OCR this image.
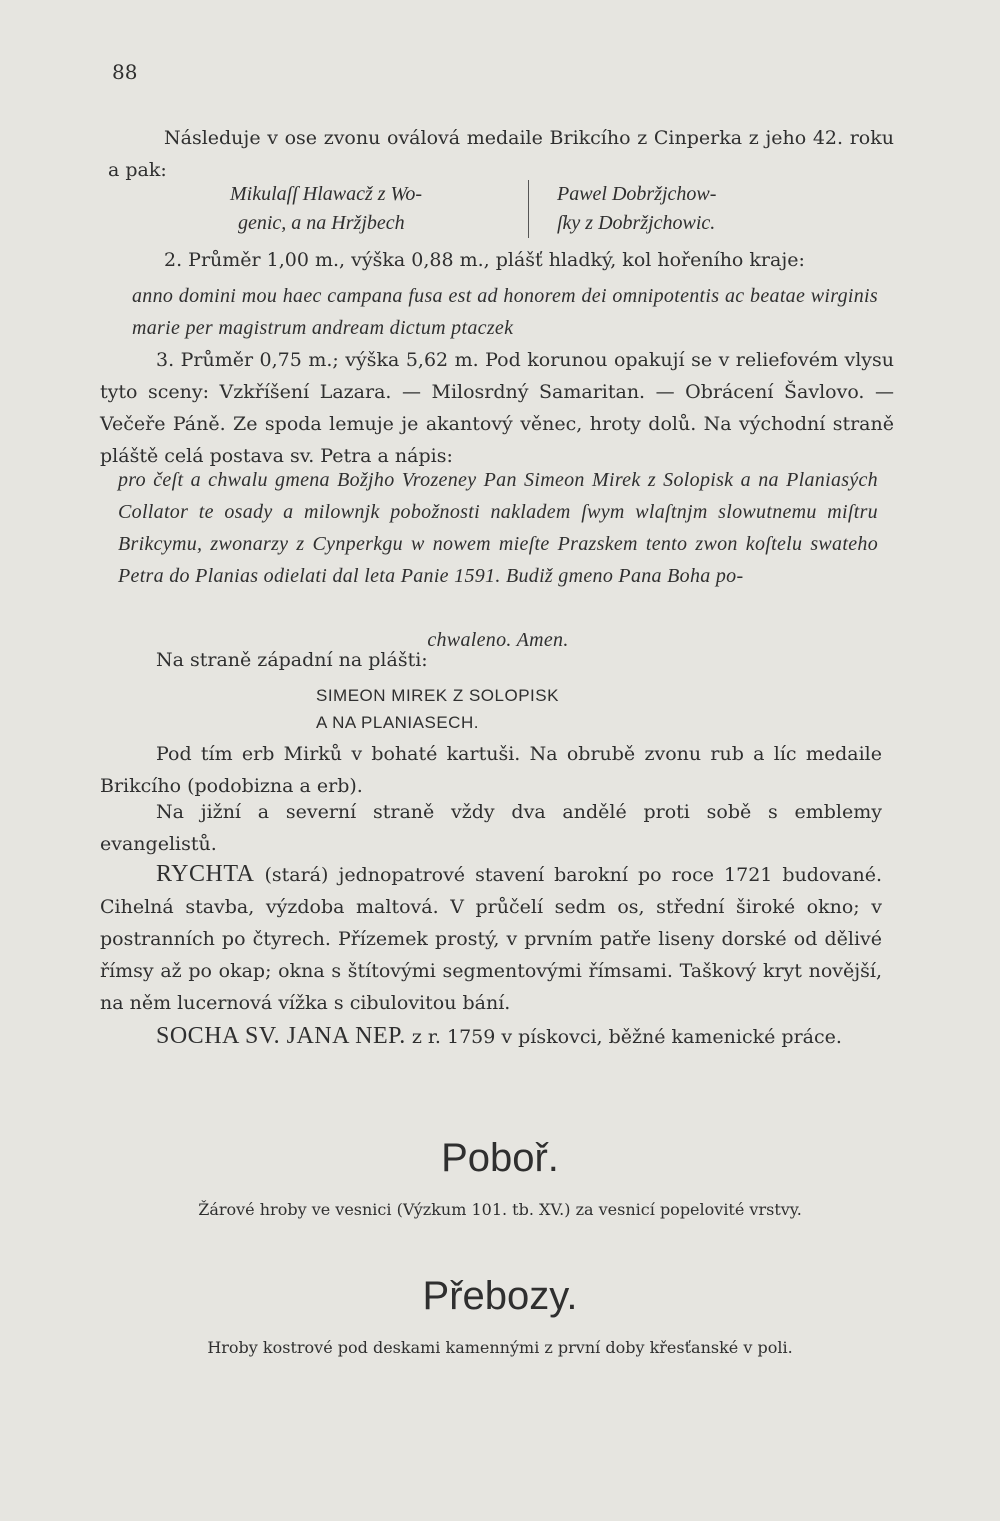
88

Následuje v ose zvonu oválová medaile Brikcího z Cinperka z jeho 42. roku a pak:

Mikulaſſ Hlawacž z Wo-
genic, a na Hržjbech
Pawel Dobržjchow-
ſky z Dobržjchowic.

2. Průměr 1,00 m., výška 0,88 m., plášť hladký, kol hořeního kraje:

anno domini mou haec campana fusa est ad honorem dei omnipotentis ac beatae wirginis marie per magistrum andream dictum ptaczek

3. Průměr 0,75 m.; výška 5,62 m. Pod korunou opakují se v reliefovém vlysu tyto sceny: Vzkříšení Lazara. — Milosrdný Samaritan. — Obrácení Šavlovo. — Večeře Páně. Ze spoda lemuje je akantový věnec, hroty dolů. Na východní straně pláště celá postava sv. Petra a nápis:

pro čeſt a chwalu gmena Božjho Vrozeney Pan Simeon Mirek z Solopisk a na Planiasých Collator te osady a milownjk pobožnosti nakladem ſwym wlaſtnjm slowutnemu miſtru Brikcymu, zwonarzy z Cynperkgu w nowem mieſte Prazskem tento zwon koſtelu swateho Petra do Planias odielati dal leta Panie 1591. Budiž gmeno Pana Boha po-

chwaleno. Amen.

Na straně západní na plášti:

SIMEON MIREK Z SOLOPISK
A NA PLANIASECH.

Pod tím erb Mirků v bohaté kartuši. Na obrubě zvonu rub a líc medaile Brikcího (podobizna a erb).

Na jižní a severní straně vždy dva andělé proti sobě s emblemy evangelistů.

RYCHTA (stará) jednopatrové stavení barokní po roce 1721 budované. Cihelná stavba, výzdoba maltová. V průčelí sedm os, střední široké okno; v postranních po čtyrech. Přízemek prostý, v prvním patře liseny dorské od dělivé římsy až po okap; okna s štítovými segmentovými římsami. Taškový kryt novější, na něm lucernová vížka s cibulovitou bání.

SOCHA SV. JANA NEP. z r. 1759 v pískovci, běžné kamenické práce.

Poboř.

Žárové hroby ve vesnici (Výzkum 101. tb. XV.) za vesnicí popelovité vrstvy.

Přebozy.

Hroby kostrové pod deskami kamennými z první doby křesťanské v poli.
